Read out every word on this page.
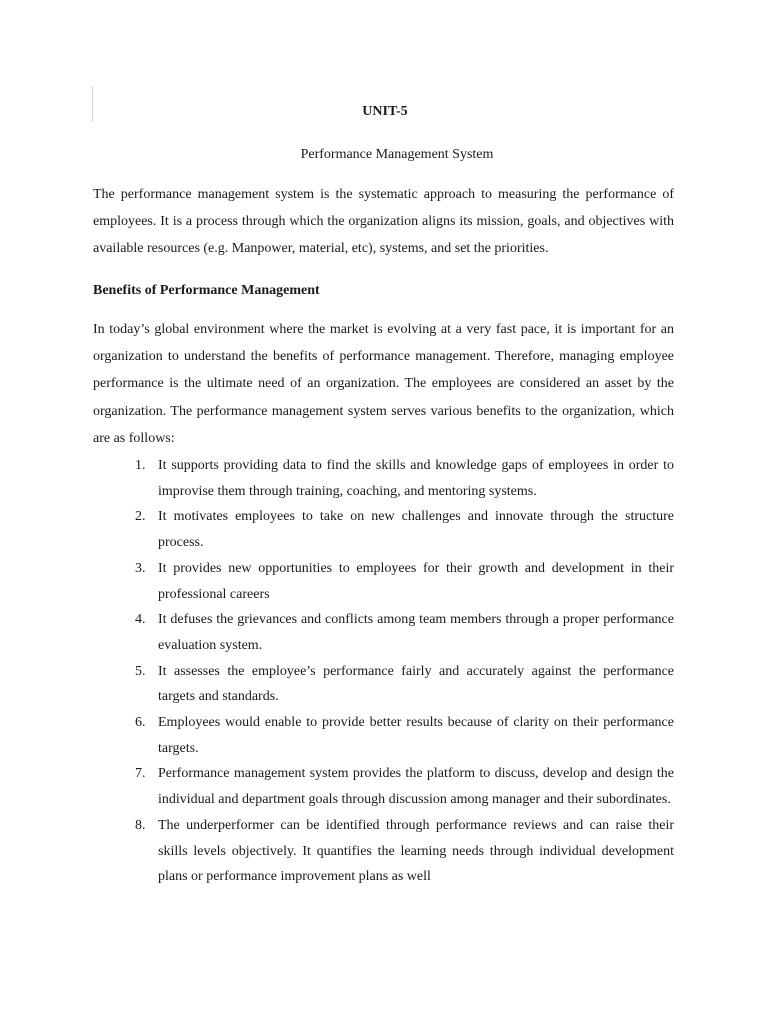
UNIT-5
Performance Management System

The performance management system is the systematic approach to measuring the performance of employees. It is a process through which the organization aligns its mission, goals, and objectives with available resources (e.g. Manpower, material, etc), systems, and set the priorities.

Benefits of Performance Management

In today’s global environment where the market is evolving at a very fast pace, it is important for an organization to understand the benefits of performance management. Therefore, managing employee performance is the ultimate need of an organization. The employees are considered an asset by the organization. The performance management system serves various benefits to the organization, which are as follows:

1. It supports providing data to find the skills and knowledge gaps of employees in order to improvise them through training, coaching, and mentoring systems.
2. It motivates employees to take on new challenges and innovate through the structure process.
3. It provides new opportunities to employees for their growth and development in their professional careers
4. It defuses the grievances and conflicts among team members through a proper performance evaluation system.
5. It assesses the employee’s performance fairly and accurately against the performance targets and standards.
6. Employees would enable to provide better results because of clarity on their performance targets.
7. Performance management system provides the platform to discuss, develop and design the individual and department goals through discussion among manager and their subordinates.
8. The underperformer can be identified through performance reviews and can raise their skills levels objectively. It quantifies the learning needs through individual development plans or performance improvement plans as well
